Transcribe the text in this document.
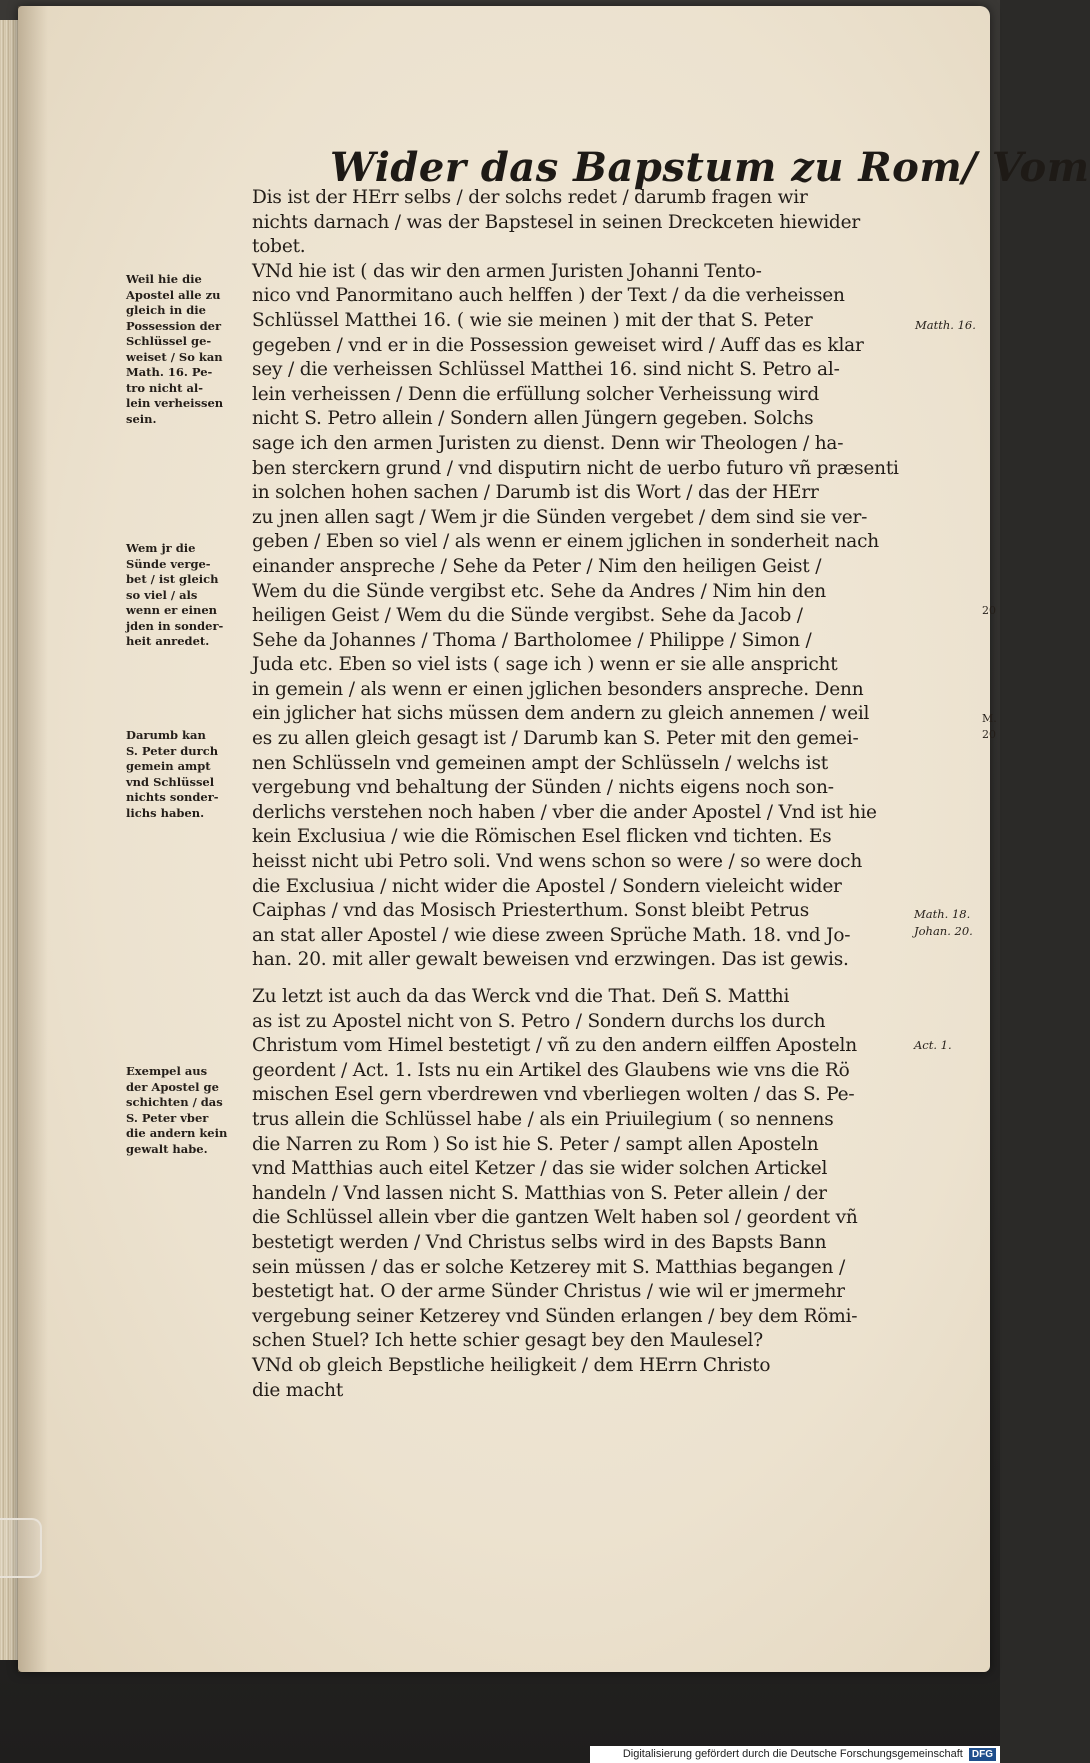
Wider das Bapstum zu Rom/ Vom
Dis ist der HErr selbs / der solchs redet / darumb fragen wir
nichts darnach / was der Bapstesel in seinen Dreckceten hiewider
tobet.
VNd hie ist ( das wir den armen Juristen Johanni Tento-
nico vnd Panormitano auch helffen ) der Text / da die verheissen
Schlüssel Matthei 16. ( wie sie meinen ) mit der that S. Peter
gegeben / vnd er in die Possession geweiset wird / Auff das es klar
sey / die verheissen Schlüssel Matthei 16. sind nicht S. Petro al-
lein verheissen / Denn die erfüllung solcher Verheissung wird
nicht S. Petro allein / Sondern allen Jüngern gegeben. Solchs
sage ich den armen Juristen zu dienst. Denn wir Theologen / ha-
ben sterckern grund / vnd disputirn nicht de uerbo futuro vñ præsenti
in solchen hohen sachen / Darumb ist dis Wort / das der HErr
zu jnen allen sagt / Wem jr die Sünden vergebet / dem sind sie ver-
geben / Eben so viel / als wenn er einem jglichen in sonderheit nach
einander anspreche / Sehe da Peter / Nim den heiligen Geist /
Wem du die Sünde vergibst etc. Sehe da Andres / Nim hin den
heiligen Geist / Wem du die Sünde vergibst. Sehe da Jacob /
Sehe da Johannes / Thoma / Bartholomee / Philippe / Simon /
Juda etc. Eben so viel ists ( sage ich ) wenn er sie alle anspricht
in gemein / als wenn er einen jglichen besonders anspreche. Denn
ein jglicher hat sichs müssen dem andern zu gleich annemen / weil
es zu allen gleich gesagt ist / Darumb kan S. Peter mit den gemei-
nen Schlüsseln vnd gemeinen ampt der Schlüsseln / welchs ist
vergebung vnd behaltung der Sünden / nichts eigens noch son-
derlichs verstehen noch haben / vber die ander Apostel / Vnd ist hie
kein Exclusiua / wie die Römischen Esel flicken vnd tichten. Es
heisst nicht ubi Petro soli. Vnd wens schon so were / so were doch
die Exclusiua / nicht wider die Apostel / Sondern vieleicht wider
Caiphas / vnd das Mosisch Priesterthum. Sonst bleibt Petrus
an stat aller Apostel / wie diese zween Sprüche Math. 18. vnd Jo-
han. 20. mit aller gewalt beweisen vnd erzwingen. Das ist gewis.
Zu letzt ist auch da das Werck vnd die That. Deñ S. Matthi
as ist zu Apostel nicht von S. Petro / Sondern durchs los durch
Christum vom Himel bestetigt / vñ zu den andern eilffen Aposteln
geordent / Act. 1. Ists nu ein Artikel des Glaubens wie vns die Rö
mischen Esel gern vberdrewen vnd vberliegen wolten / das S. Pe-
trus allein die Schlüssel habe / als ein Priuilegium ( so nennens
die Narren zu Rom ) So ist hie S. Peter / sampt allen Aposteln
vnd Matthias auch eitel Ketzer / das sie wider solchen Artickel
handeln / Vnd lassen nicht S. Matthias von S. Peter allein / der
die Schlüssel allein vber die gantzen Welt haben sol / geordent vñ
bestetigt werden / Vnd Christus selbs wird in des Bapsts Bann
sein müssen / das er solche Ketzerey mit S. Matthias begangen /
bestetigt hat. O der arme Sünder Christus / wie wil er jmermehr
vergebung seiner Ketzerey vnd Sünden erlangen / bey dem Römi-
schen Stuel? Ich hette schier gesagt bey den Maulesel?
VNd ob gleich Bepstliche heiligkeit / dem HErrn Christo
die macht
Weil hie die
Apostel alle zu
gleich in die
Possession der
Schlüssel ge-
weiset / So kan
Math. 16. Pe-
tro nicht al-
lein verheissen
sein.
Wem jr die
Sünde verge-
bet / ist gleich
so viel / als
wenn er einen
jden in sonder-
heit anredet.
Darumb kan
S. Peter durch
gemein ampt
vnd Schlüssel
nichts sonder-
lichs haben.
Exempel aus
der Apostel ge
schichten / das
S. Peter vber
die andern kein
gewalt habe.
Matth. 16.
Math. 18.
Johan. 20.
Act. 1.
20
M.
20
Digitalisierung gefördert durch die Deutsche Forschungsgemeinschaft DFG
